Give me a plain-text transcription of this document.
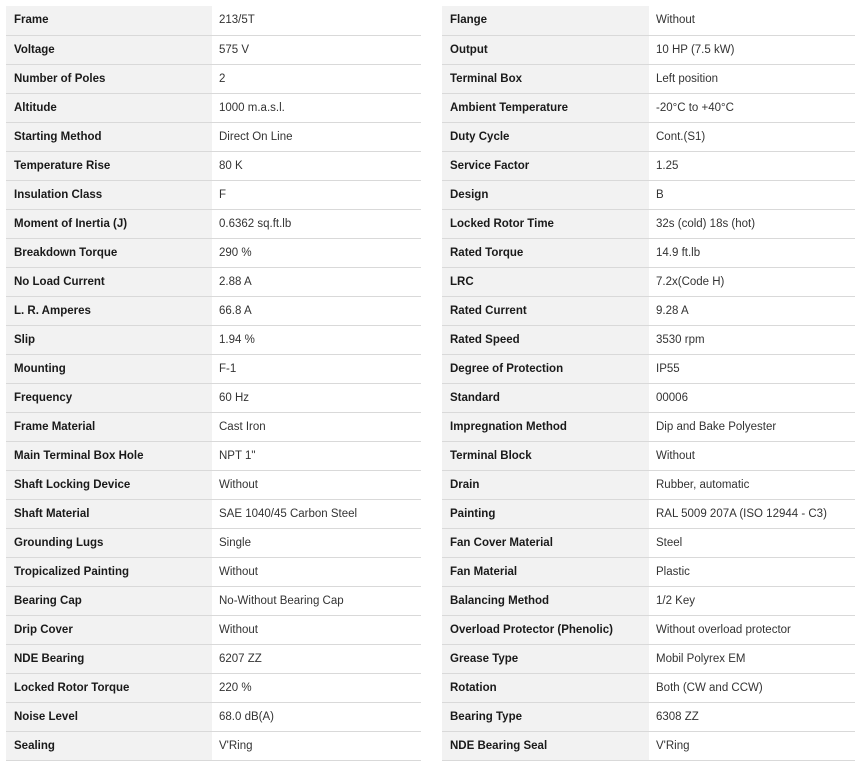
Frame	213/5T
Voltage	575 V
Number of Poles	2
Altitude	1000 m.a.s.l.
Starting Method	Direct On Line
Temperature Rise	80 K
Insulation Class	F
Moment of Inertia (J)	0.6362 sq.ft.lb
Breakdown Torque	290 %
No Load Current	2.88 A
L. R. Amperes	66.8 A
Slip	1.94 %
Mounting	F-1
Frequency	60 Hz
Frame Material	Cast Iron
Main Terminal Box Hole	NPT 1"
Shaft Locking Device	Without
Shaft Material	SAE 1040/45 Carbon Steel
Grounding Lugs	Single
Tropicalized Painting	Without
Bearing Cap	No-Without Bearing Cap
Drip Cover	Without
NDE Bearing	6207 ZZ
Locked Rotor Torque	220 %
Noise Level	68.0 dB(A)
Sealing	V'Ring
Flange	Without
Output	10 HP (7.5 kW)
Terminal Box	Left position
Ambient Temperature	-20°C to +40°C
Duty Cycle	Cont.(S1)
Service Factor	1.25
Design	B
Locked Rotor Time	32s (cold) 18s (hot)
Rated Torque	14.9 ft.lb
LRC	7.2x(Code H)
Rated Current	9.28 A
Rated Speed	3530 rpm
Degree of Protection	IP55
Standard	00006
Impregnation Method	Dip and Bake Polyester
Terminal Block	Without
Drain	Rubber, automatic
Painting	RAL 5009 207A (ISO 12944 - C3)
Fan Cover Material	Steel
Fan Material	Plastic
Balancing Method	1/2 Key
Overload Protector (Phenolic)	Without overload protector
Grease Type	Mobil Polyrex EM
Rotation	Both (CW and CCW)
Bearing Type	6308 ZZ
NDE Bearing Seal	V'Ring
